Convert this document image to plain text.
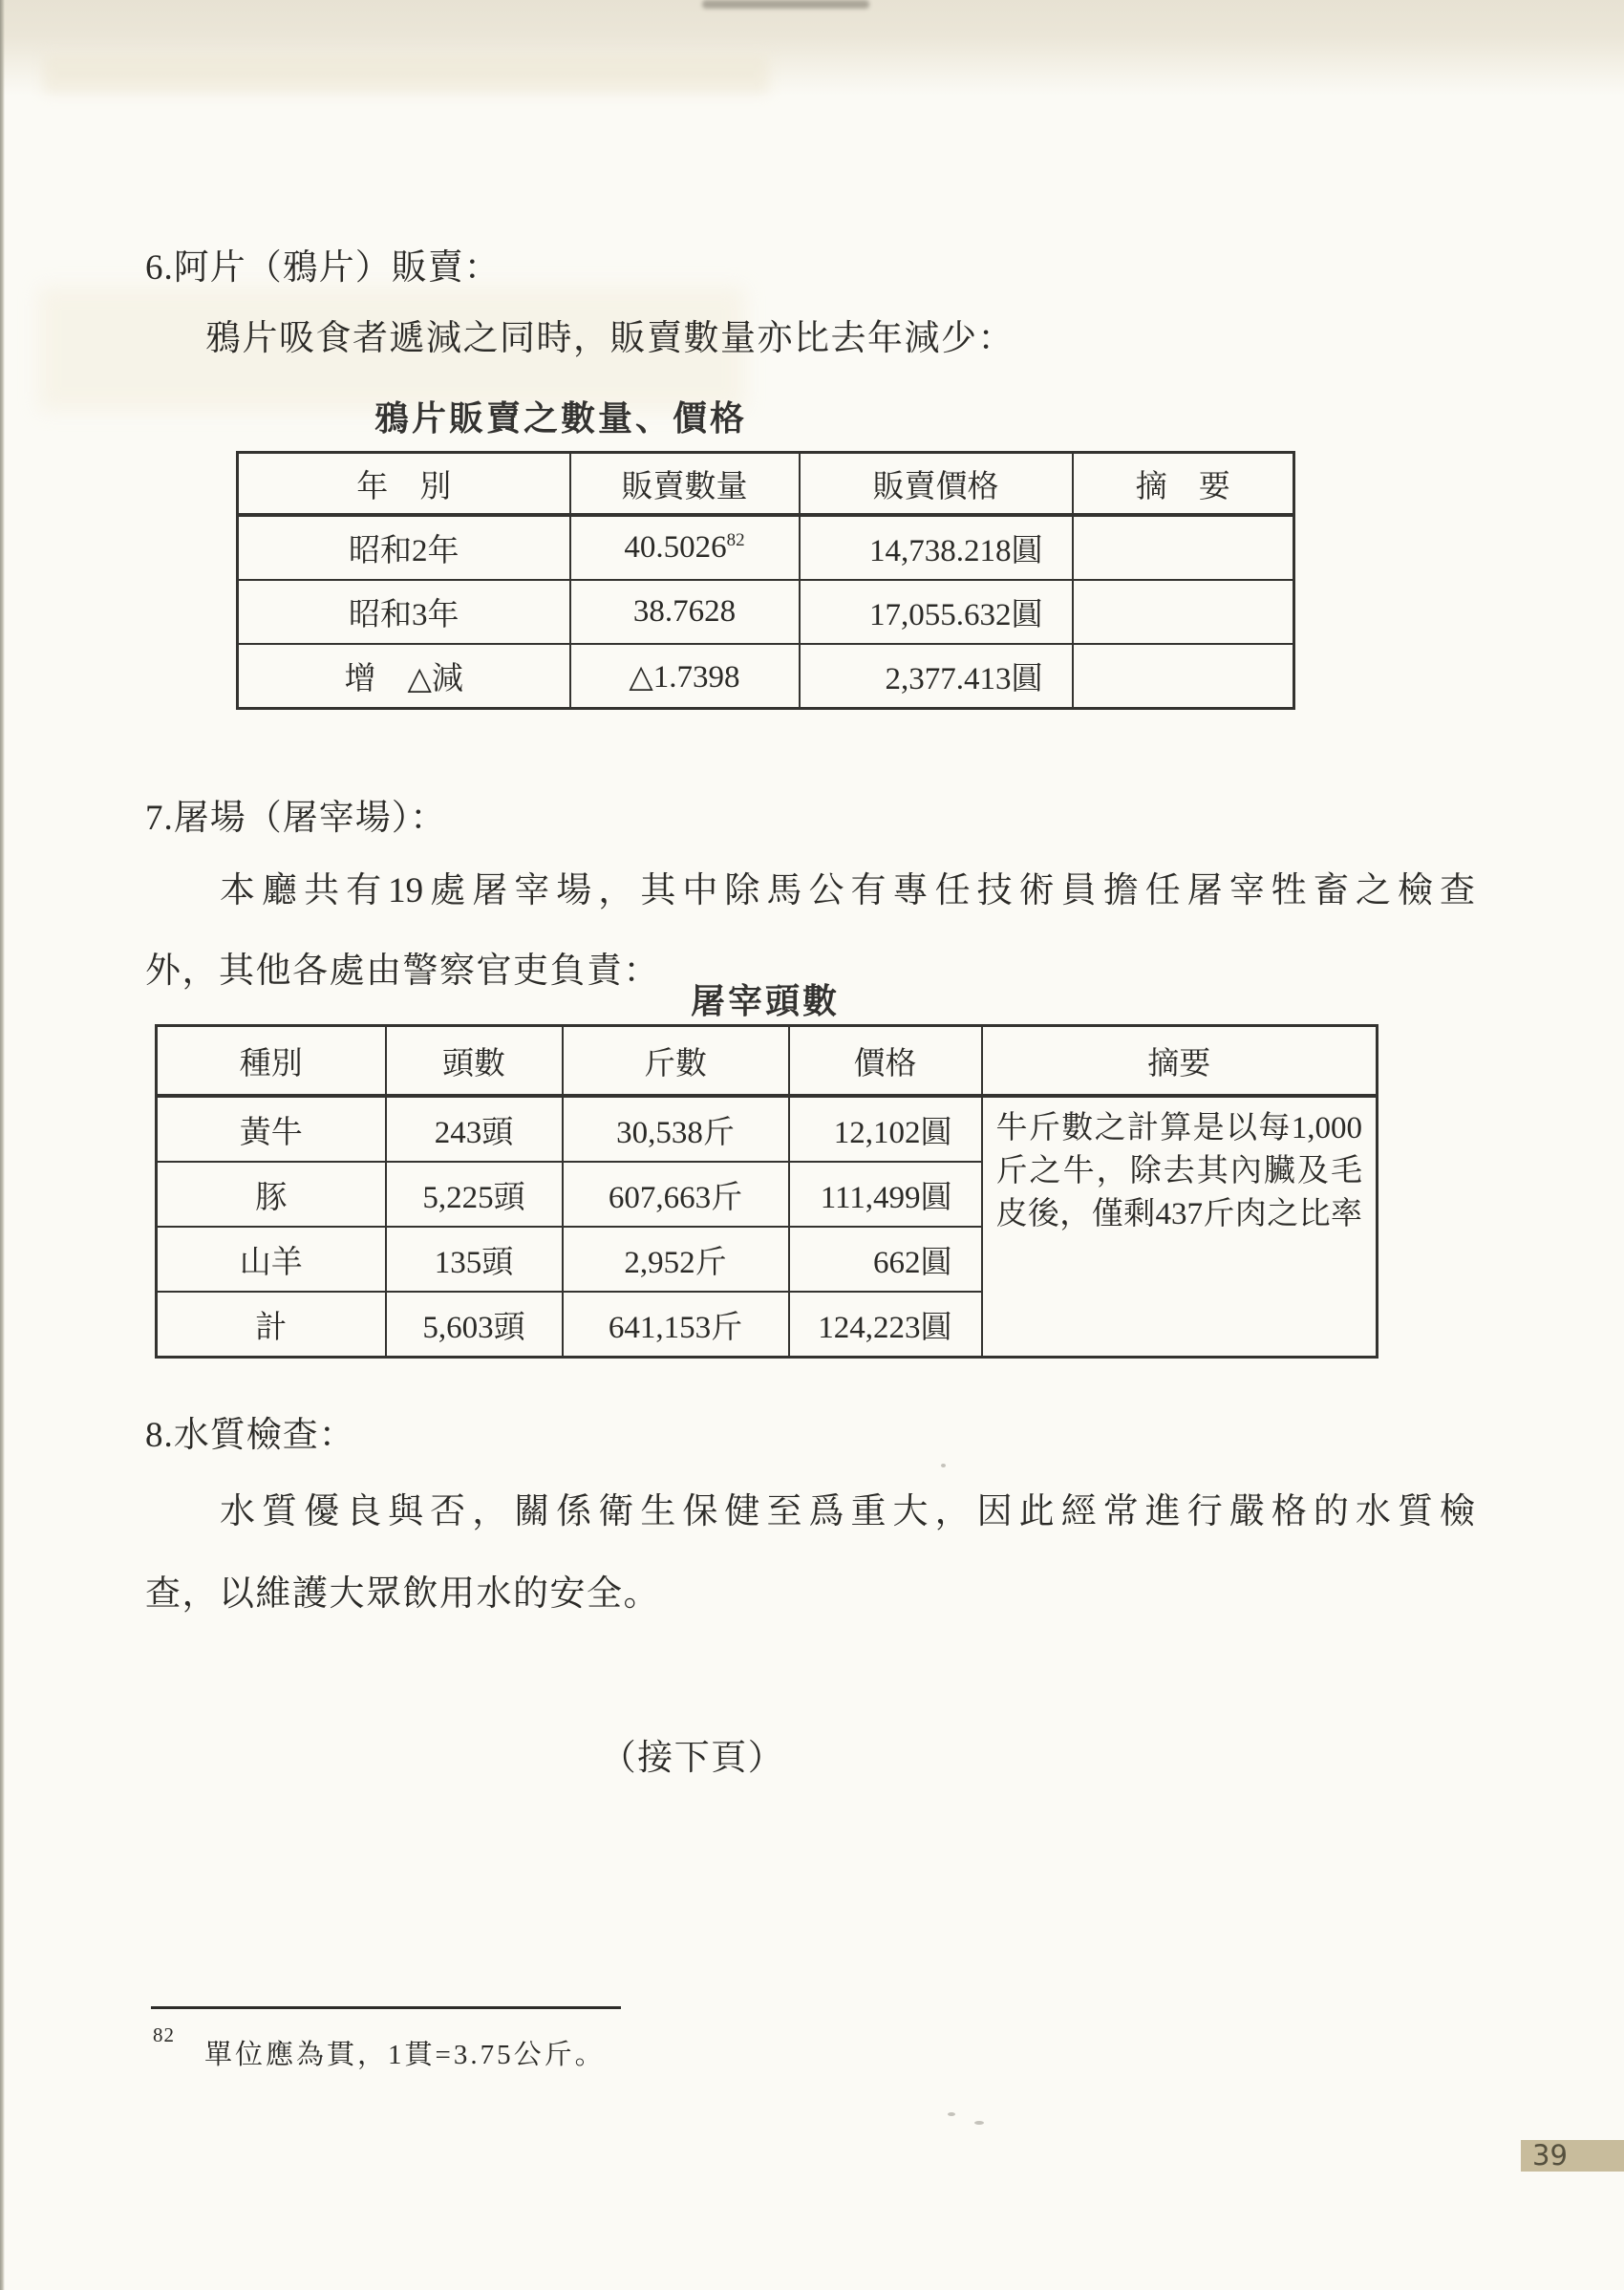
6.阿片（鴉片）販賣：
鴉片吸食者遞減之同時，販賣數量亦比去年減少：
鴉片販賣之數量、價格
年　別	販賣數量	販賣價格	摘　要
昭和2年	40.5026$^{82}$	14,738.218圓	
昭和3年	38.7628	17,055.632圓	
增　△減	△1.7398	2,377.413圓	
7.屠場（屠宰場）：
本廳共有19處屠宰場，其中除馬公有專任技術員擔任屠宰牲畜之檢查
外，其他各處由警察官吏負責：
屠宰頭數
種別	頭數	斤數	價格	摘要
黃牛	243頭	30,538斤	12,102圓	牛斤數之計算是以每1,000
斤之牛，除去其內臟及毛
皮後，僅剩437斤肉之比率

豚	5,225頭	607,663斤	111,499圓	
山羊	135頭	2,952斤	662圓	
計	5,603頭	641,153斤	124,223圓	
8.水質檢查：
水質優良與否，關係衛生保健至爲重大，因此經常進行嚴格的水質檢
查，以維護大眾飲用水的安全。
（接下頁）
82
單位應為貫，1貫=3.75公斤。
39
